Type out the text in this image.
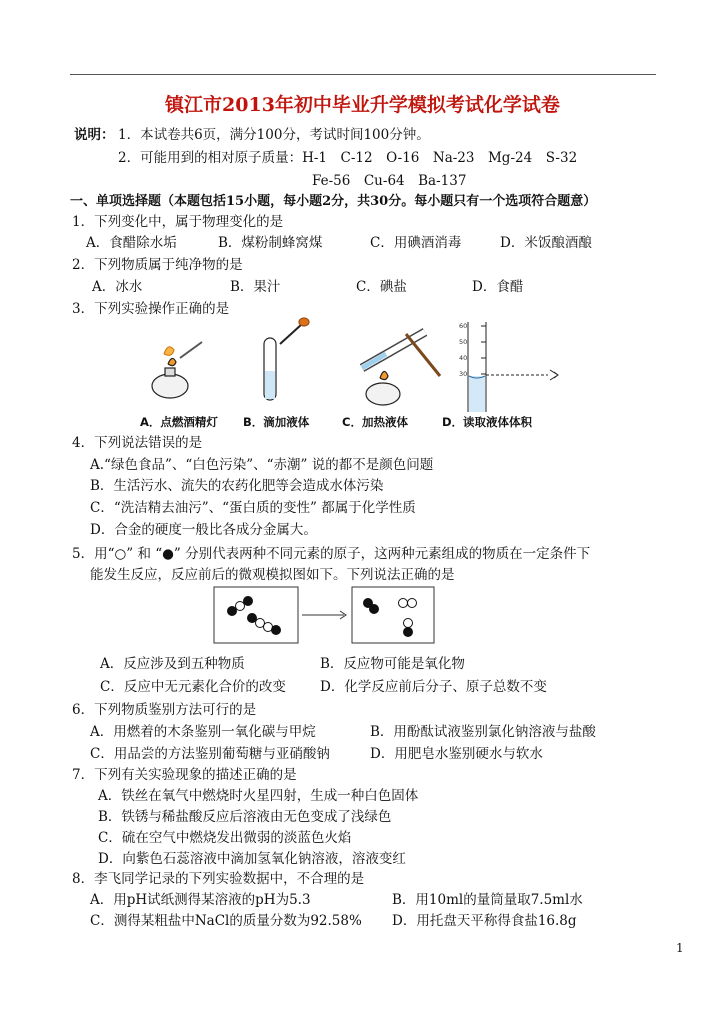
镇江市2013年初中毕业升学模拟考试化学试卷
说明： 1．本试卷共6页，满分100分，考试时间100分钟。
2．可能用到的相对原子质量：H-1　C-12　O-16　Na-23　Mg-24　S-32
Fe-56　Cu-64　Ba-137
一、单项选择题（本题包括15小题，每小题2分，共30分。每小题只有一个选项符合题意）
1．下列变化中，属于物理变化的是
A．食醋除水垢	B．煤粉制蜂窝煤	C．用碘酒消毒	D．米饭酿酒酿
2．下列物质属于纯净物的是
A．冰水	B．果汁	C．碘盐	D．食醋
3．下列实验操作正确的是
60
50
40
30
A．点燃酒精灯 B．滴加液体	C．加热液体	D．读取液体体积
4．下列说法错误的是
A.“绿色食品”、“白色污染”、“赤潮” 说的都不是颜色问题
B．生活污水、流失的农药化肥等会造成水体污染
C．“洗洁精去油污”、“蛋白质的变性” 都属于化学性质
D．合金的硬度一般比各成分金属大。
5．用“○” 和 “●” 分别代表两种不同元素的原子，这两种元素组成的物质在一定条件下
能发生反应，反应前后的微观模拟图如下。下列说法正确的是
A．反应涉及到五种物质	B．反应物可能是氧化物
C．反应中无元素化合价的改变	D．化学反应前后分子、原子总数不变
6．下列物质鉴别方法可行的是
A．用燃着的木条鉴别一氧化碳与甲烷	B．用酚酞试液鉴别氯化钠溶液与盐酸
C．用品尝的方法鉴别葡萄糖与亚硝酸钠	D．用肥皂水鉴别硬水与软水
7．下列有关实验现象的描述正确的是
A．铁丝在氧气中燃烧时火星四射，生成一种白色固体
B．铁锈与稀盐酸反应后溶液由无色变成了浅绿色
C．硫在空气中燃烧发出微弱的淡蓝色火焰
D．向紫色石蕊溶液中滴加氢氧化钠溶液，溶液变红
8．李飞同学记录的下列实验数据中，不合理的是
A．用pH试纸测得某溶液的pH为5.3	B．用10ml的量筒量取7.5ml水
C．测得某粗盐中NaCl的质量分数为92.58% D．用托盘天平称得食盐16.8g
1
